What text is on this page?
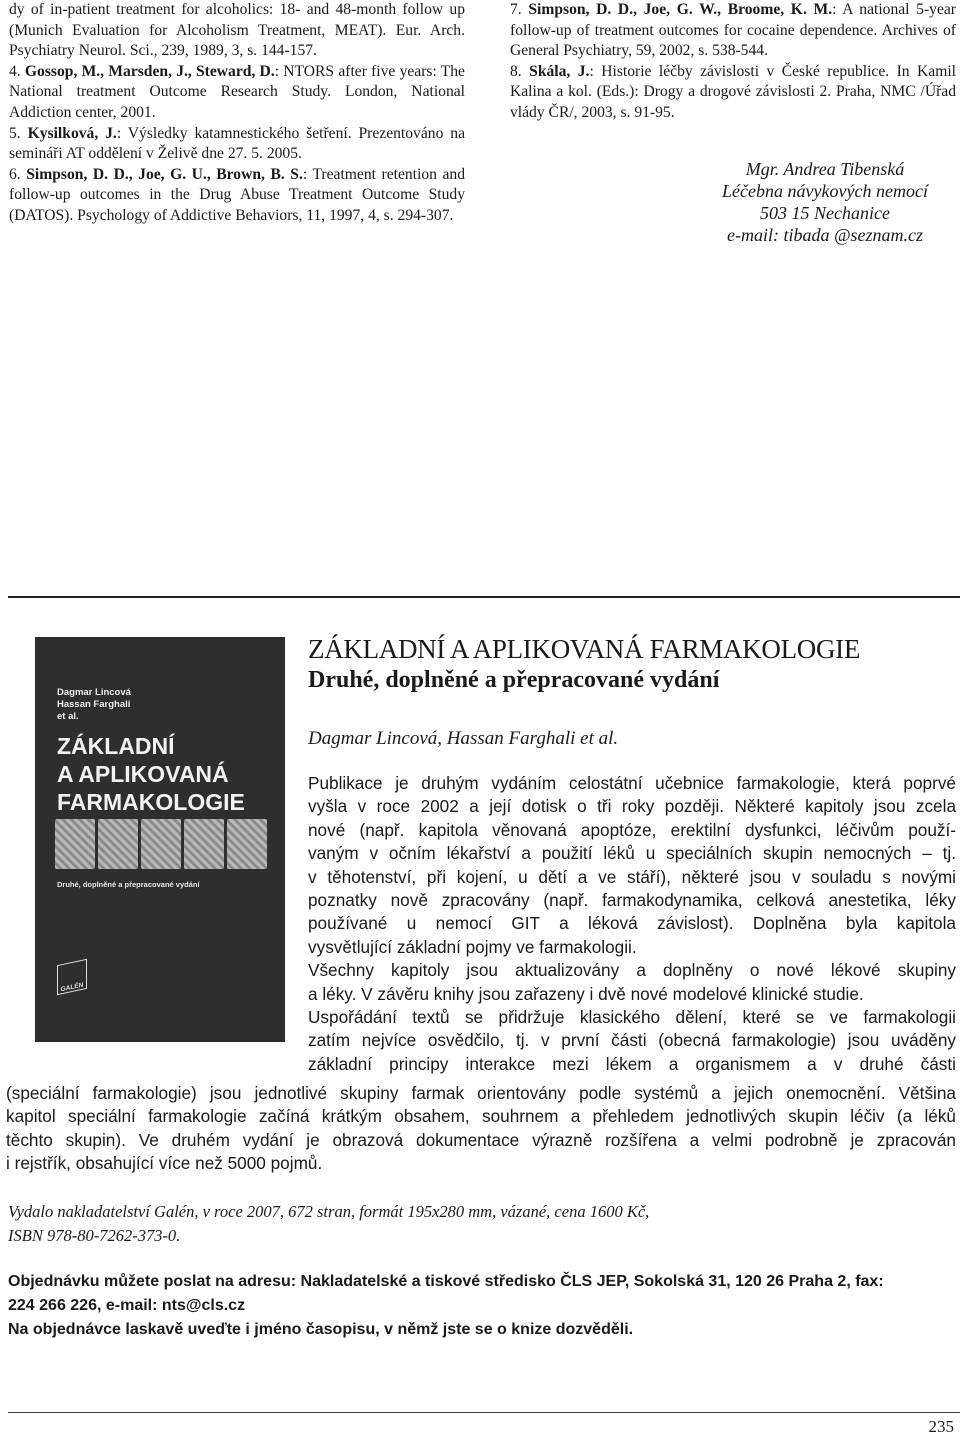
dy of in-patient treatment for alcoholics: 18- and 48-month follow up (Munich Evaluation for Alcoholism Treatment, MEAT). Eur. Arch. Psychiatry Neurol. Sci., 239, 1989, 3, s. 144-157.

4. Gossop, M., Marsden, J., Steward, D.: NTORS after five years: The National treatment Outcome Research Study. London, National Addiction center, 2001.

5. Kysilková, J.: Výsledky katamnestického šetření. Prezentováno na semináři AT oddělení v Želivě dne 27. 5. 2005.

6. Simpson, D. D., Joe, G. U., Brown, B. S.: Treatment retention and follow-up outcomes in the Drug Abuse Treatment Outcome Study (DATOS). Psychology of Addictive Behaviors, 11, 1997, 4, s. 294-307.

7. Simpson, D. D., Joe, G. W., Broome, K. M.: A national 5-year follow-up of treatment outcomes for cocaine dependence. Archives of General Psychiatry, 59, 2002, s. 538-544.

8. Skála, J.: Historie léčby závislosti v České republice. In Kamil Kalina a kol. (Eds.): Drogy a drogové závislosti 2. Praha, NMC /Úřad vlády ČR/, 2003, s. 91-95.

Mgr. Andrea Tibenská
Léčebna návykových nemocí
503 15 Nechanice
e-mail: tibada @seznam.cz
Dagmar Lincová
Hassan Farghali
et al.
ZÁKLADNÍ
A APLIKOVANÁ
FARMAKOLOGIE
Druhé, doplněné a přepracované vydání
GALÉN
ZÁKLADNÍ A APLIKOVANÁ FARMAKOLOGIE
Druhé, doplněné a přepracované vydání
Dagmar Lincová, Hassan Farghali et al.
Publikace je druhým vydáním celostátní učebnice farmakologie, která poprvé
vyšla v roce 2002 a její dotisk o tři roky později. Některé kapitoly jsou zcela
nové (např. kapitola věnovaná apoptóze, erektilní dysfunkci, léčivům použí-
vaným v očním lékařství a použití léků u speciálních skupin nemocných – tj.
v těhotenství, při kojení, u dětí a ve stáří), některé jsou v souladu s novými
poznatky nově zpracovány (např. farmakodynamika, celková anestetika, léky
používané u nemocí GIT a léková závislost). Doplněna byla kapitola
vysvětlující základní pojmy ve farmakologii.
Všechny kapitoly jsou aktualizovány a doplněny o nové lékové skupiny
a léky. V závěru knihy jsou zařazeny i dvě nové modelové klinické studie.
Uspořádání textů se přidržuje klasického dělení, které se ve farmakologii
zatím nejvíce osvědčilo, tj. v první části (obecná farmakologie) jsou uváděny
základní principy interakce mezi lékem a organismem a v druhé části
(speciální farmakologie) jsou jednotlivé skupiny farmak orientovány podle systémů a jejich onemocnění. Většina
kapitol speciální farmakologie začíná krátkým obsahem, souhrnem a přehledem jednotlivých skupin léčiv (a léků
těchto skupin). Ve druhém vydání je obrazová dokumentace výrazně rozšířena a velmi podrobně je zpracován
i rejstřík, obsahující více než 5000 pojmů.
Vydalo nakladatelství Galén, v roce 2007, 672 stran, formát 195x280 mm, vázané, cena 1600 Kč,
ISBN 978-80-7262-373-0.
Objednávku můžete poslat na adresu: Nakladatelské a tiskové středisko ČLS JEP, Sokolská 31, 120 26 Praha 2, fax:
224 266 226, e-mail: nts@cls.cz
Na objednávce laskavě uveďte i jméno časopisu, v němž jste se o knize dozvěděli.
235
